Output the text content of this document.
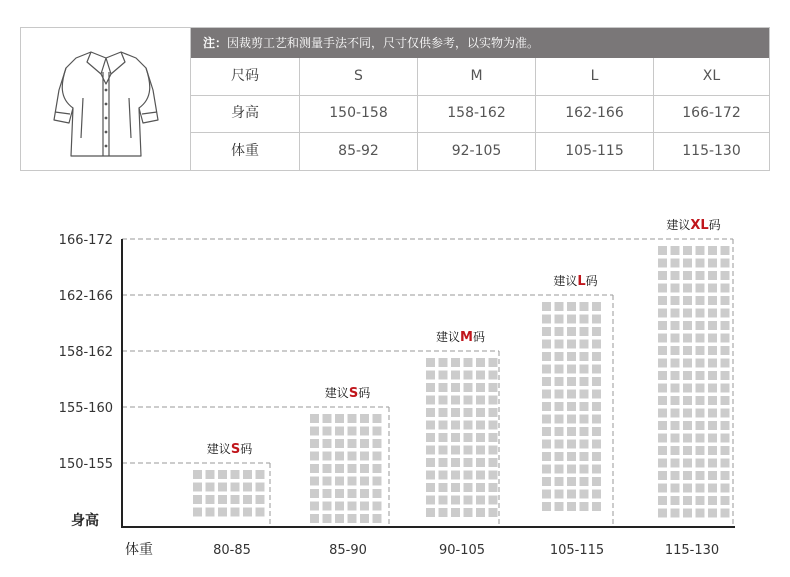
注：因裁剪工艺和测量手法不同，尺寸仅供参考，以实物为准。
尺码	S	M	L	XL
身高	150-158	158-162	162-166	166-172
体重	85-92	92-105	105-115	115-130
建议S码
建议S码
建议M码
建议L码
建议XL码
150-155
155-160
158-162
162-166
166-172
80-85	85-90	90-105	105-115	115-130
身高
体重
